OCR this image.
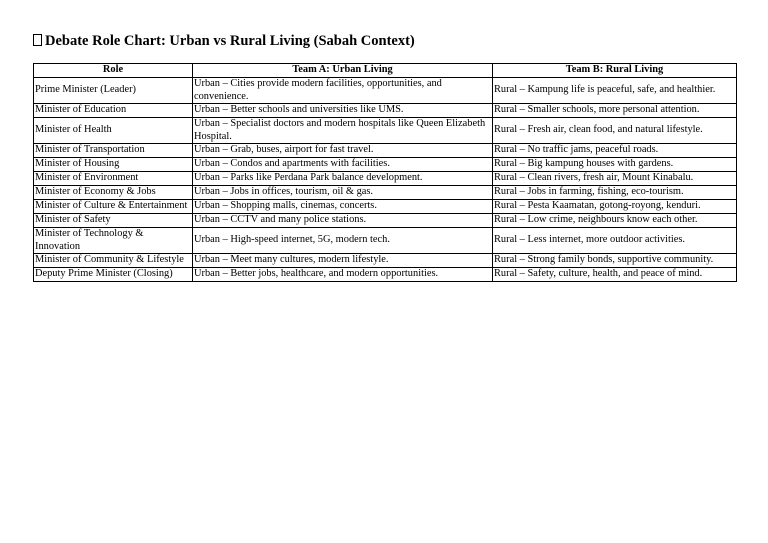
Debate Role Chart: Urban vs Rural Living (Sabah Context)
Role	Team A: Urban Living	Team B: Rural Living
Prime Minister (Leader)	Urban – Cities provide modern facilities, opportunities, and convenience.	Rural – Kampung life is peaceful, safe, and healthier.
Minister of Education	Urban – Better schools and universities like UMS.	Rural – Smaller schools, more personal attention.
Minister of Health	Urban – Specialist doctors and modern hospitals like Queen Elizabeth Hospital.	Rural – Fresh air, clean food, and natural lifestyle.
Minister of Transportation	Urban – Grab, buses, airport for fast travel.	Rural – No traffic jams, peaceful roads.
Minister of Housing	Urban – Condos and apartments with facilities.	Rural – Big kampung houses with gardens.
Minister of Environment	Urban – Parks like Perdana Park balance development.	Rural – Clean rivers, fresh air, Mount Kinabalu.
Minister of Economy & Jobs	Urban – Jobs in offices, tourism, oil & gas.	Rural – Jobs in farming, fishing, eco-tourism.
Minister of Culture & Entertainment	Urban – Shopping malls, cinemas, concerts.	Rural – Pesta Kaamatan, gotong-royong, kenduri.
Minister of Safety	Urban – CCTV and many police stations.	Rural – Low crime, neighbours know each other.
Minister of Technology & Innovation	Urban – High-speed internet, 5G, modern tech.	Rural – Less internet, more outdoor activities.
Minister of Community & Lifestyle	Urban – Meet many cultures, modern lifestyle.	Rural – Strong family bonds, supportive community.
Deputy Prime Minister (Closing)	Urban – Better jobs, healthcare, and modern opportunities.	Rural – Safety, culture, health, and peace of mind.
